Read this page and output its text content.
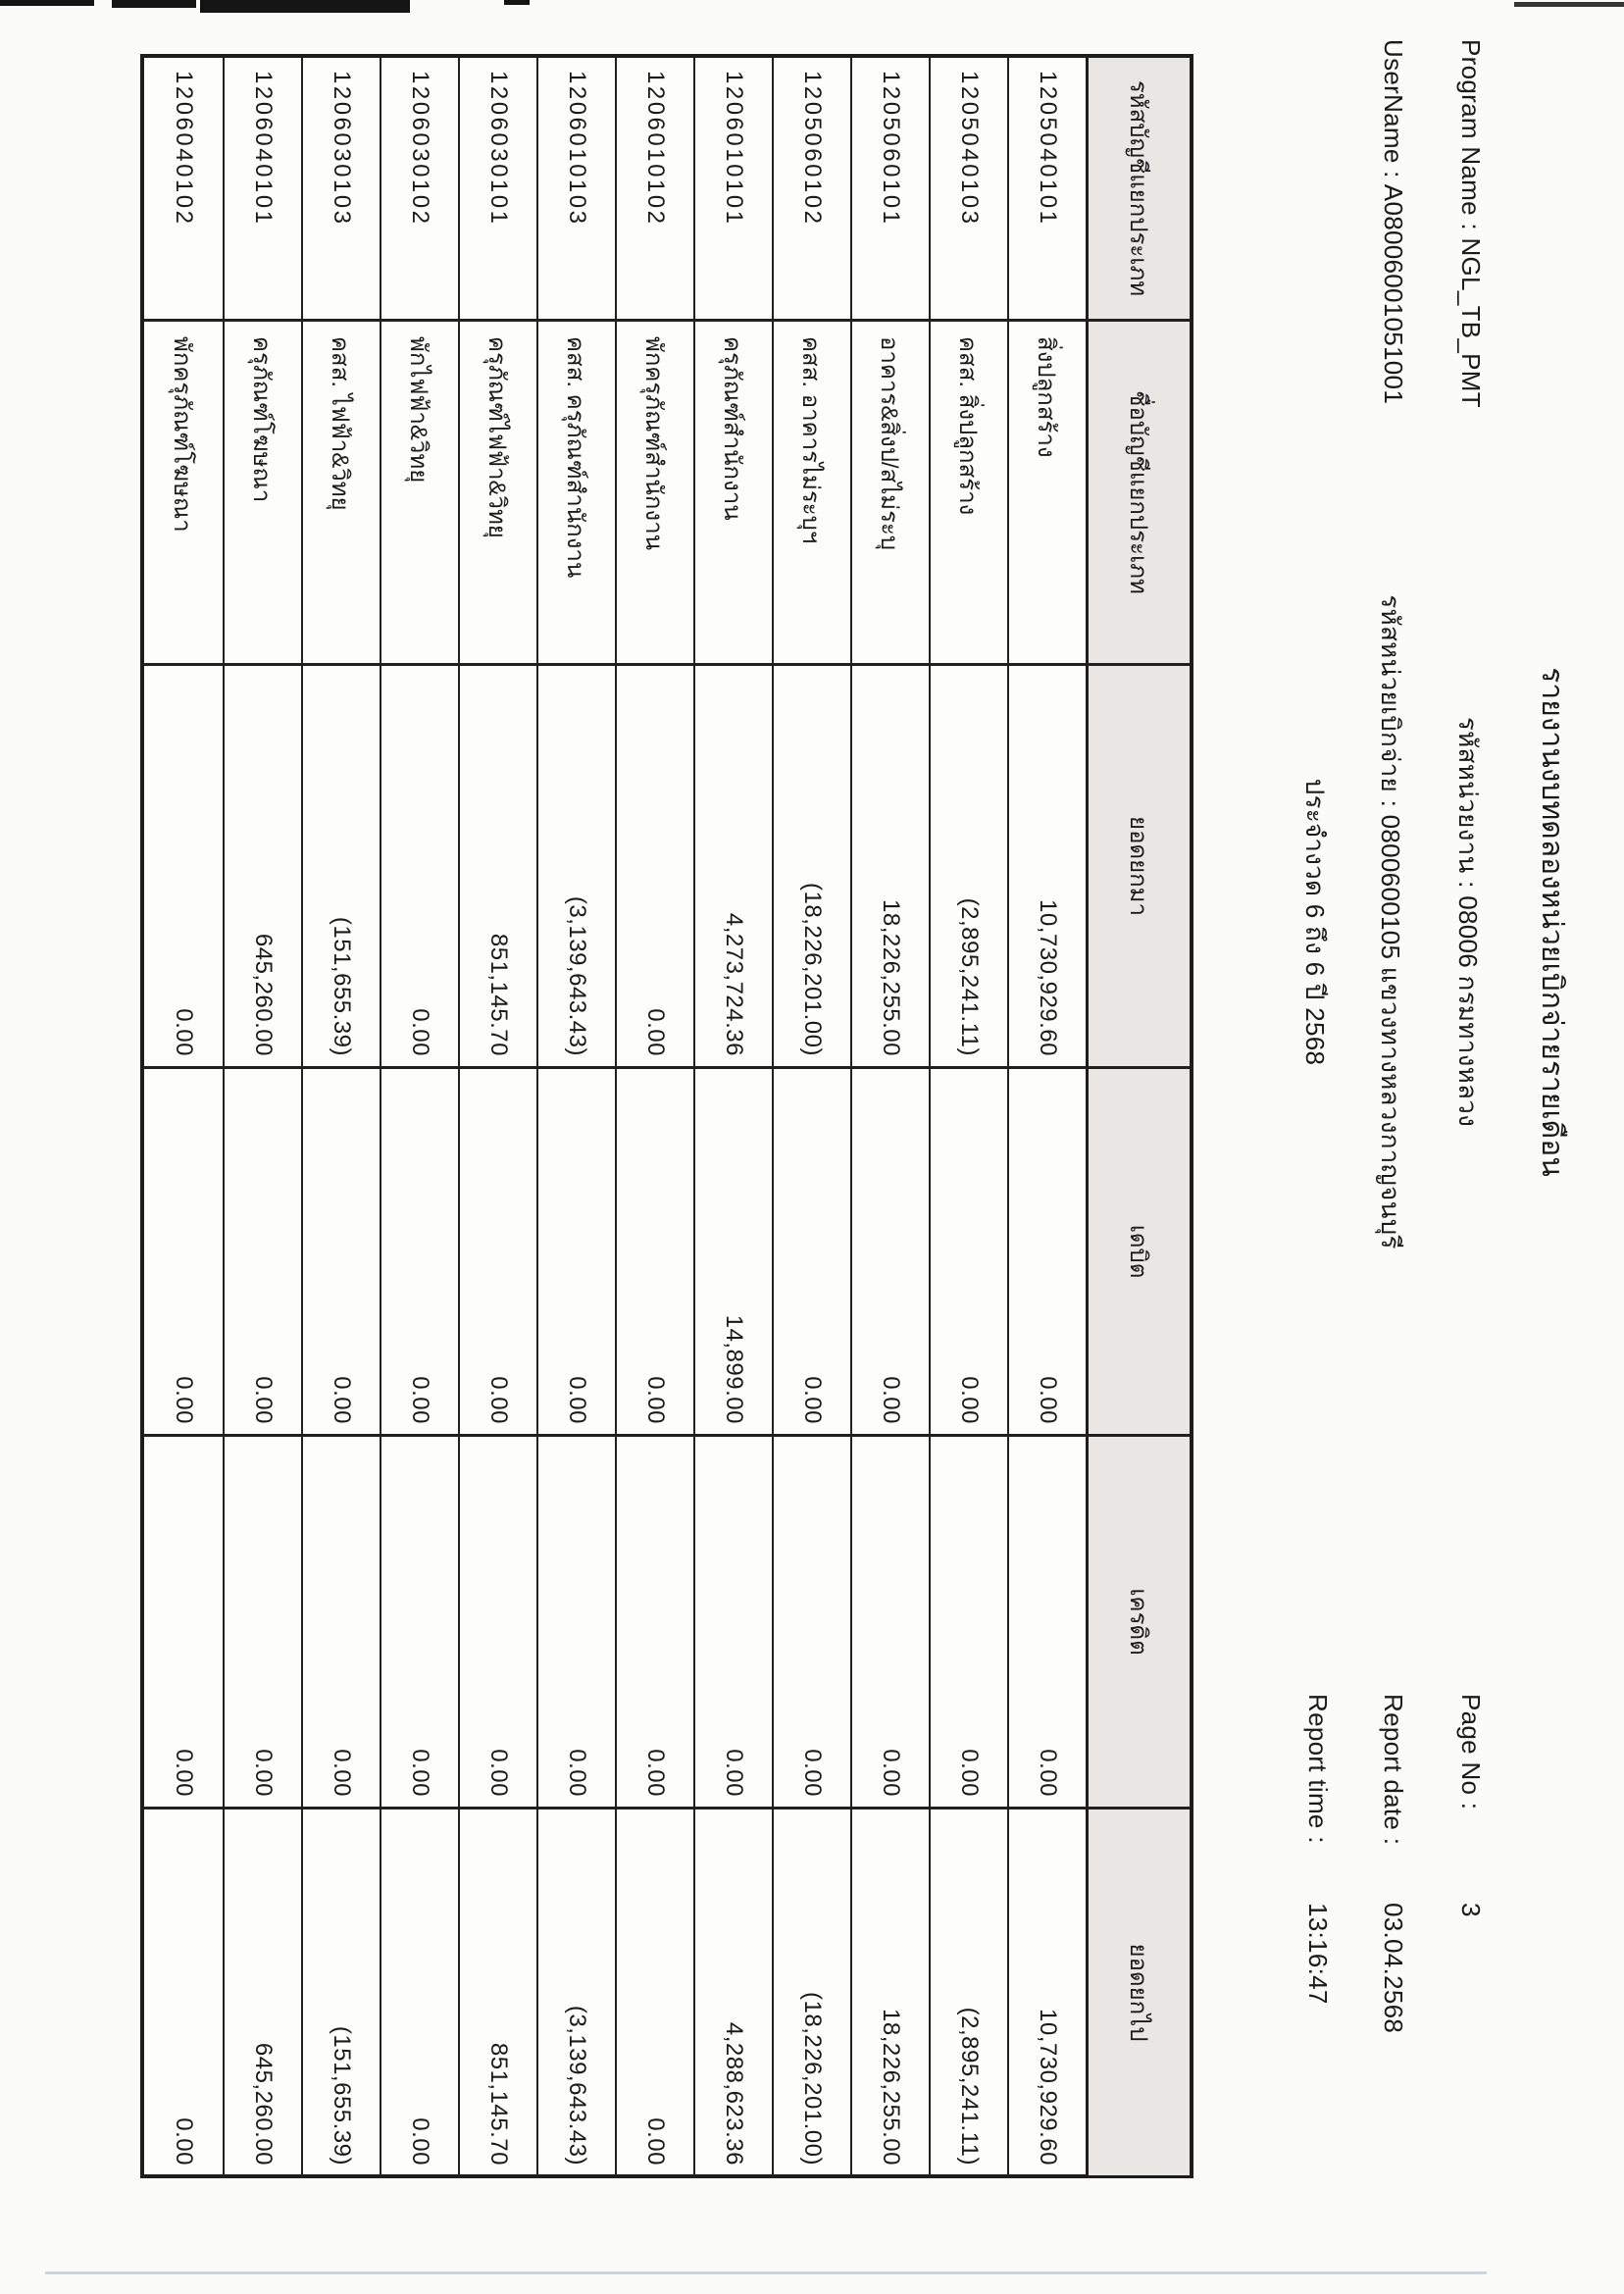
รายงานงบทดลองหน่วยเบิกจ่ายรายเดือน
Program Name : NGL_TB_PMT
รหัสหน่วยงาน : 08006 กรมทางหลวง
Page No :
3
UserName : A08006001051001
รหัสหน่วยเบิกจ่าย : 0800600105 แขวงทางหลวงกาญจนบุรี
Report date :
03.04.2568
ประจำงวด 6 ถึง 6 ปี 2568
Report time :
13:16:47
รหัสบัญชีแยกประเภท
ชื่อบัญชีแยกประเภท
ยอดยกมา
เดบิต
เครดิต
ยอดยกไป
1205040101
สิ่งปลูกสร้าง
10,730,929.60
0.00
0.00
10,730,929.60
1205040103
คสส. สิ่งปลูกสร้าง
(2,895,241.11)
0.00
0.00
(2,895,241.11)
1205060101
อาคาร&สิ่งป/สไม่ระบุ
18,226,255.00
0.00
0.00
18,226,255.00
1205060102
คสส. อาคารไม่ระบุฯ
(18,226,201.00)
0.00
0.00
(18,226,201.00)
1206010101
ครุภัณฑ์สำนักงาน
4,273,724.36
14,899.00
0.00
4,288,623.36
1206010102
พักครุภัณฑ์สำนักงาน
0.00
0.00
0.00
0.00
1206010103
คสส. ครุภัณฑ์สำนักงาน
(3,139,643.43)
0.00
0.00
(3,139,643.43)
1206030101
ครุภัณฑ์ไฟฟ้า&วิทยุ
851,145.70
0.00
0.00
851,145.70
1206030102
พักไฟฟ้า&วิทยุ
0.00
0.00
0.00
0.00
1206030103
คสส. ไฟฟ้า&วิทยุ
(151,655.39)
0.00
0.00
(151,655.39)
1206040101
ครุภัณฑ์โฆษณา
645,260.00
0.00
0.00
645,260.00
1206040102
พักครุภัณฑ์โฆษณา
0.00
0.00
0.00
0.00
